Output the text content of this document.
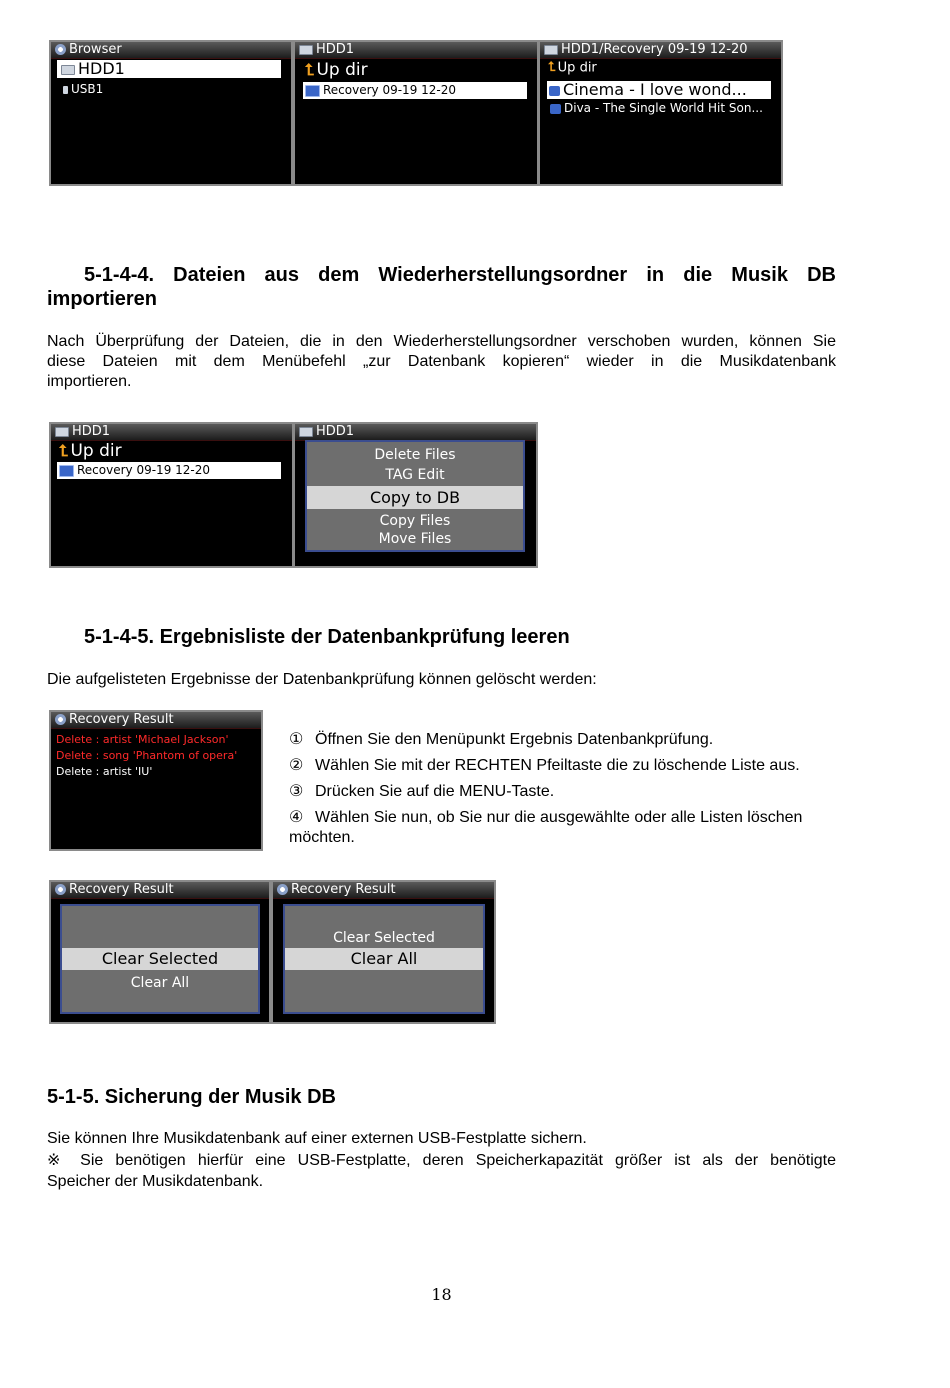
Browser
HDD1
USB1
HDD1
⮤ Up dir
Recovery 09-19 12-20
HDD1/Recovery 09-19 12-20
⮤ Up dir
Cinema - I love wond...
Diva - The Single World Hit Son...
5-1-4-4. Dateien aus dem Wiederherstellungsordner in die Musik DB
importieren
Nach Überprüfung der Dateien, die in den Wiederherstellungsordner verschoben wurden, können Sie
diese Dateien mit dem Menübefehl „zur Datenbank kopieren“ wieder in die Musikdatenbank
importieren.
HDD1
⮤ Up dir
Recovery 09-19 12-20
HDD1
Delete Files
TAG Edit
Copy to DB
Copy Files
Move Files
5-1-4-5. Ergebnisliste der Datenbankprüfung leeren
Die aufgelisteten Ergebnisse der Datenbankprüfung können gelöscht werden:
Recovery Result
Delete : artist 'Michael Jackson'
Delete : song 'Phantom of opera'
Delete : artist 'IU'
① Öffnen Sie den Menüpunkt Ergebnis Datenbankprüfung.
② Wählen Sie mit der RECHTEN Pfeiltaste die zu löschende Liste aus.
③ Drücken Sie auf die MENU-Taste.
④ Wählen Sie nun, ob Sie nur die ausgewählte oder alle Listen löschen
möchten.
Recovery Result
Clear Selected
Clear All
Recovery Result
Clear Selected
Clear All
5-1-5. Sicherung der Musik DB
Sie können Ihre Musikdatenbank auf einer externen USB-Festplatte sichern.
※ Sie benötigen hierfür eine USB-Festplatte, deren Speicherkapazität größer ist als der benötigte
Speicher der Musikdatenbank.
18
